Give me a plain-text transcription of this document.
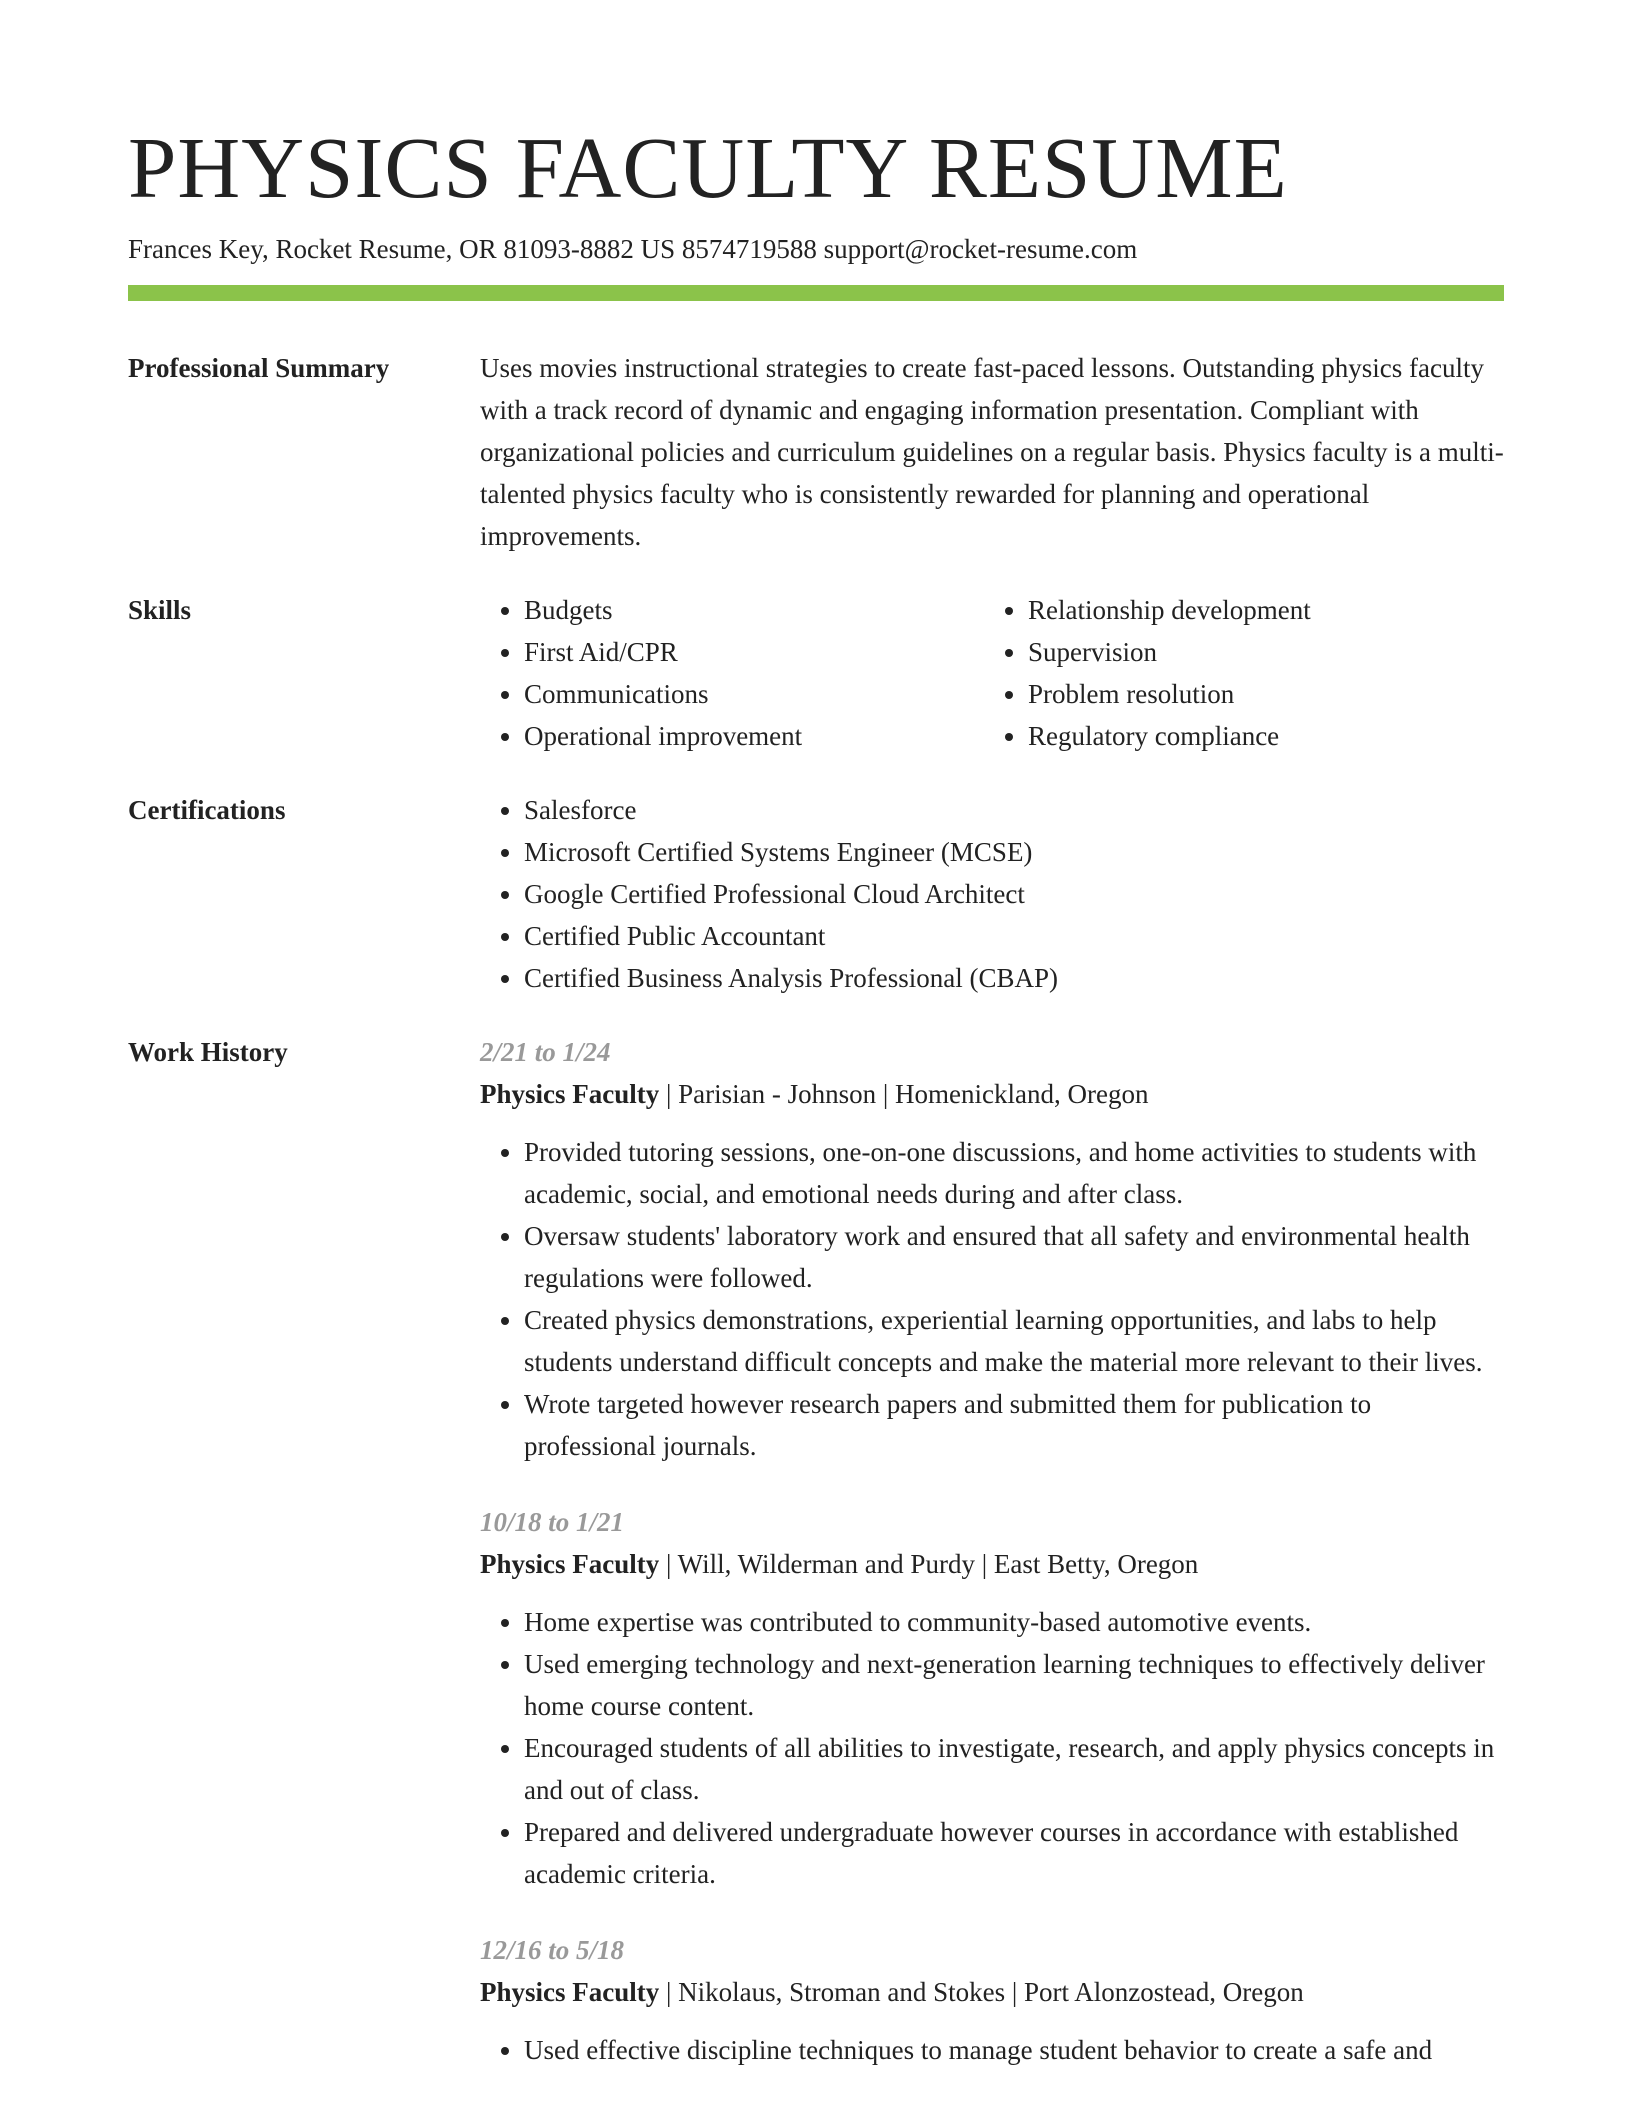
PHYSICS FACULTY RESUME
Frances Key, Rocket Resume, OR 81093-8882 US 8574719588 support@rocket-resume.com
Professional Summary	Uses movies instructional strategies to create fast-paced lessons. Outstanding physics faculty with a track record of dynamic and engaging information presentation. Compliant with organizational policies and curriculum guidelines on a regular basis. Physics faculty is a multi-talented physics faculty who is consistently rewarded for planning and operational improvements.

Skills	• Budgets
• First Aid/CPR
• Communications
• Operational improvement
• Relationship development
• Supervision
• Problem resolution
• Regulatory compliance
Certifications	• Salesforce
• Microsoft Certified Systems Engineer (MCSE)
• Google Certified Professional Cloud Architect
• Certified Public Accountant
• Certified Business Analysis Professional (CBAP)
Work History	2/21 to 1/24
Physics Faculty | Parisian - Johnson | Homenickland, Oregon
• Provided tutoring sessions, one-on-one discussions, and home activities to students with academic, social, and emotional needs during and after class.
• Oversaw students' laboratory work and ensured that all safety and environmental health regulations were followed.
• Created physics demonstrations, experiential learning opportunities, and labs to help students understand difficult concepts and make the material more relevant to their lives.
• Wrote targeted however research papers and submitted them for publication to professional journals.
10/18 to 1/21
Physics Faculty | Will, Wilderman and Purdy | East Betty, Oregon
• Home expertise was contributed to community-based automotive events.
• Used emerging technology and next-generation learning techniques to effectively deliver home course content.
• Encouraged students of all abilities to investigate, research, and apply physics concepts in and out of class.
• Prepared and delivered undergraduate however courses in accordance with established academic criteria.
12/16 to 5/18
Physics Faculty | Nikolaus, Stroman and Stokes | Port Alonzostead, Oregon
• Used effective discipline techniques to manage student behavior to create a safe and
